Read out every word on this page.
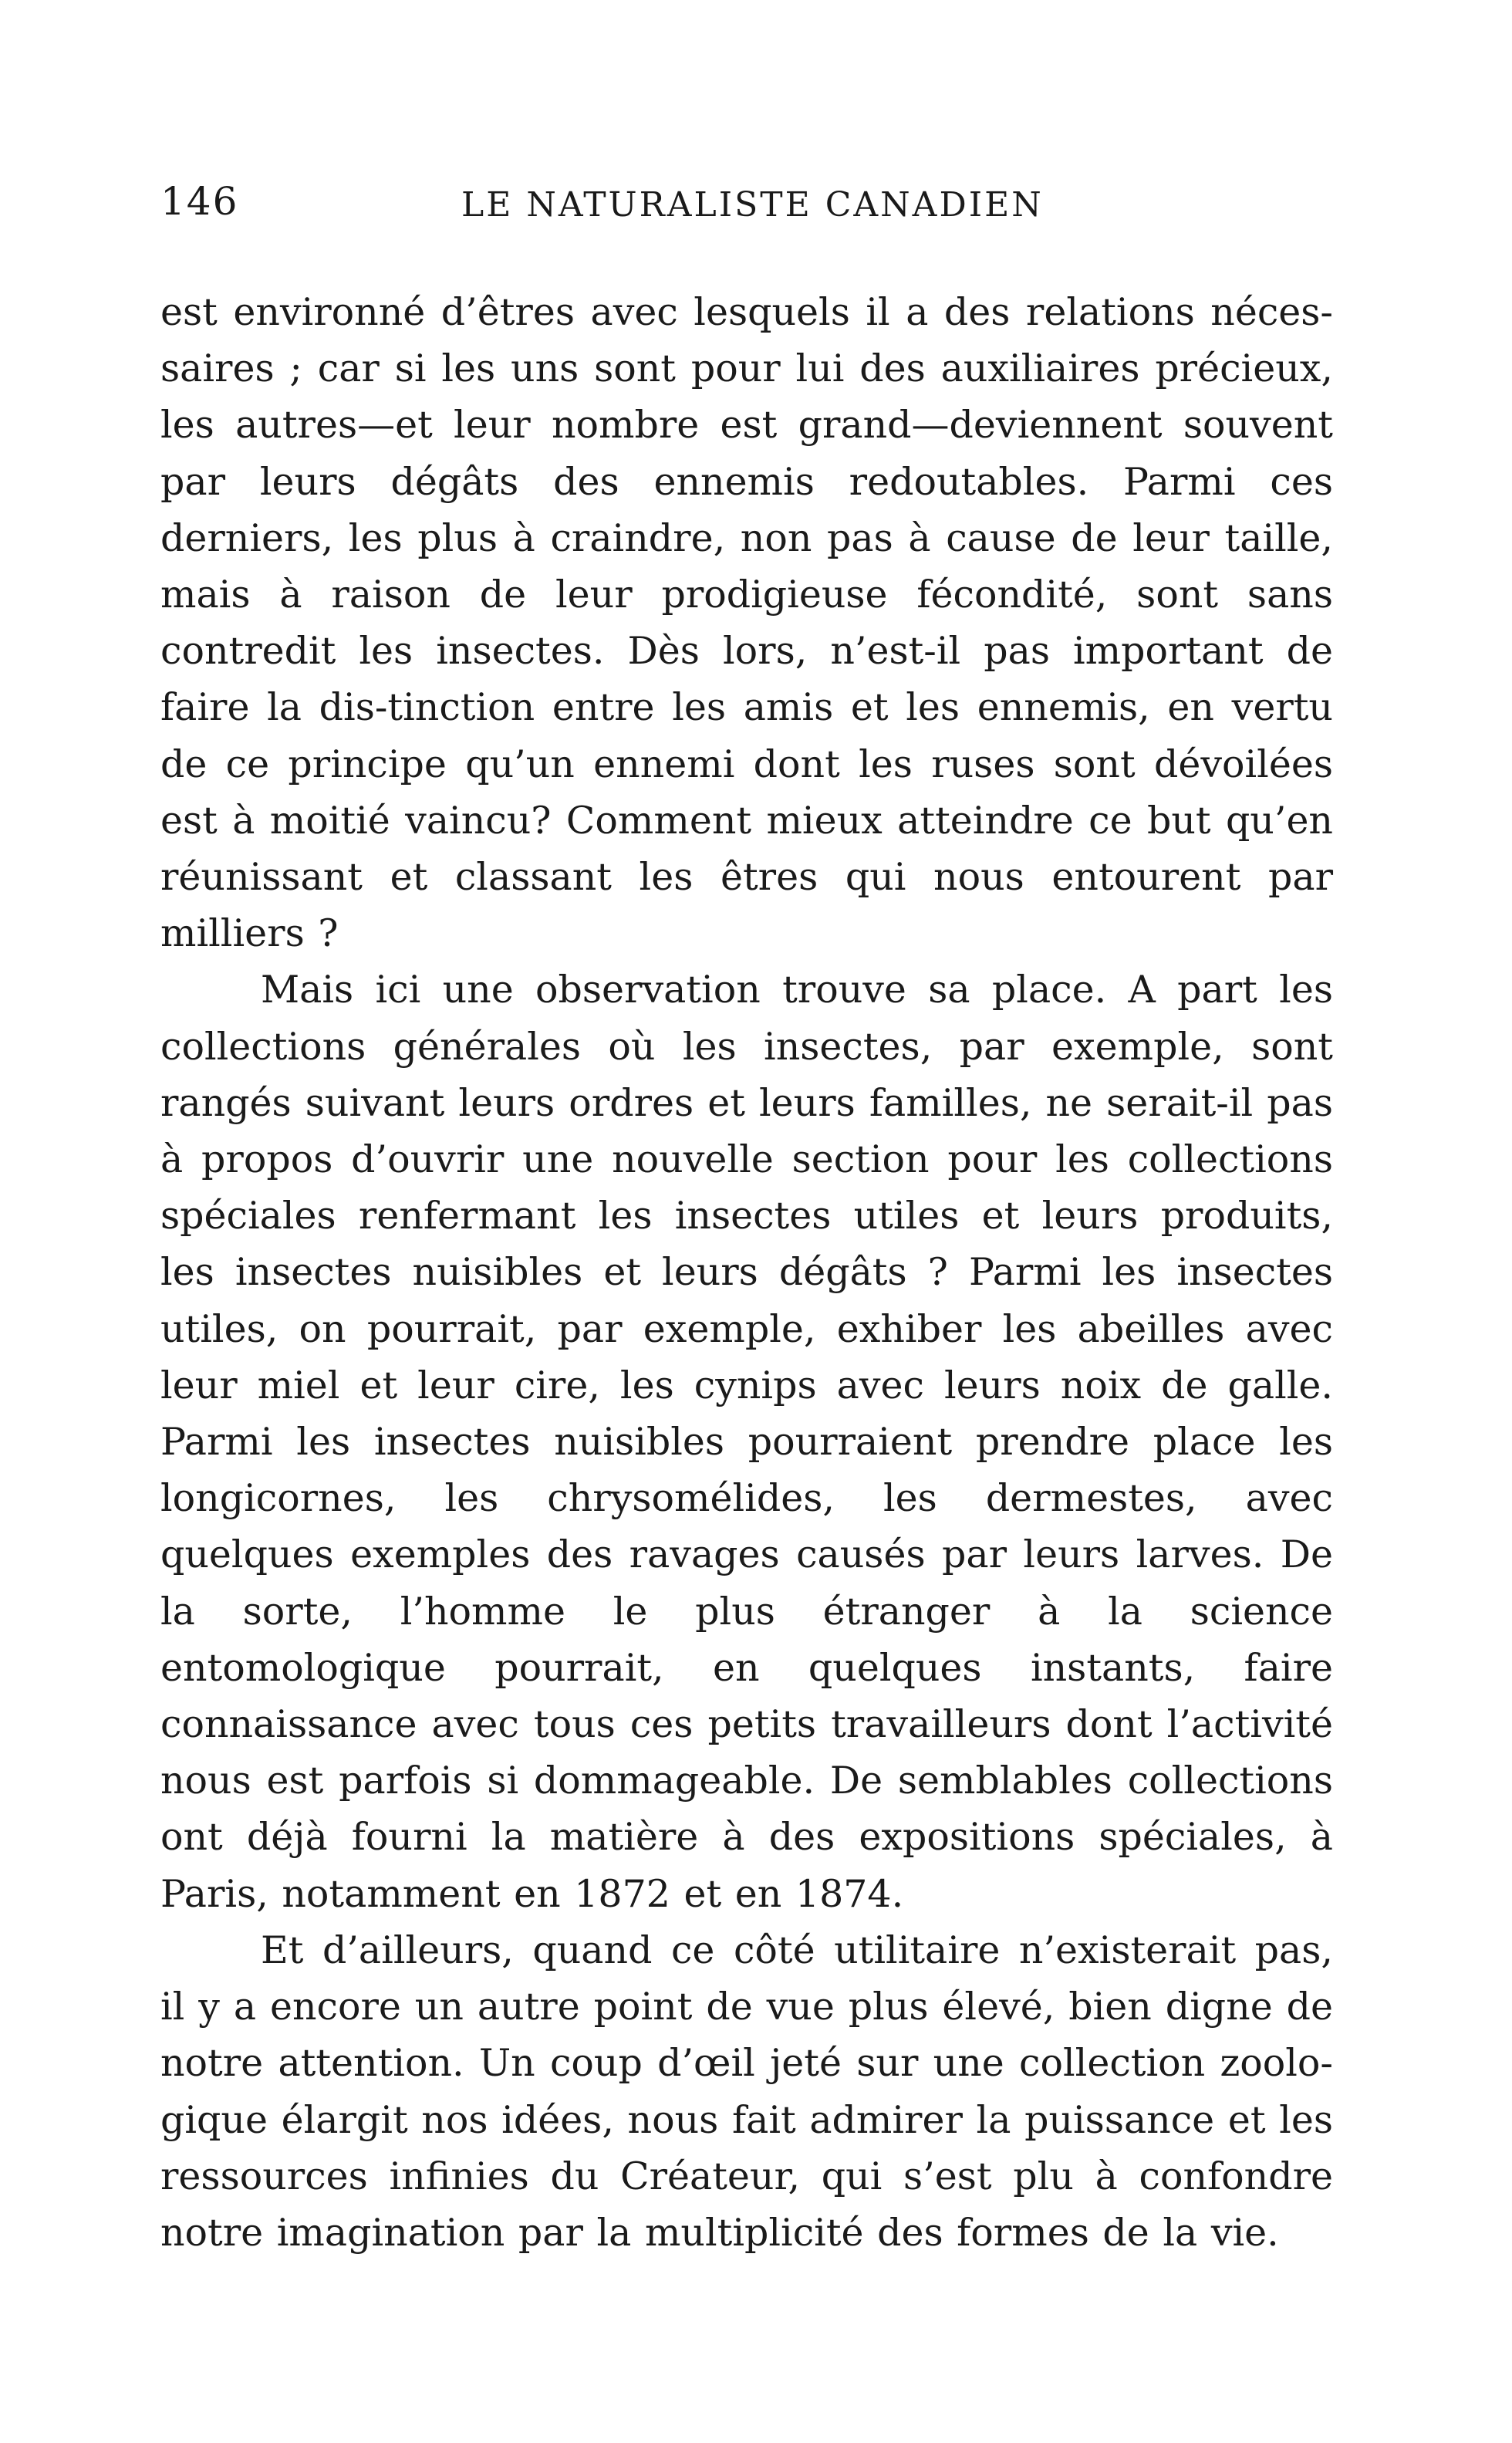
146	LE NATURALISTE CANADIEN

est environné d’êtres avec lesquels il a des relations néces-saires ; car si les uns sont pour lui des auxiliaires précieux, les autres—et leur nombre est grand—deviennent souvent par leurs dégâts des ennemis redoutables. Parmi ces derniers, les plus à craindre, non pas à cause de leur taille, mais à raison de leur prodigieuse fécondité, sont sans contredit les insectes. Dès lors, n’est-il pas important de faire la dis-tinction entre les amis et les ennemis, en vertu de ce principe qu’un ennemi dont les ruses sont dévoilées est à moitié vaincu? Comment mieux atteindre ce but qu’en réunissant et classant les êtres qui nous entourent par milliers ?

Mais ici une observation trouve sa place. A part les collections générales où les insectes, par exemple, sont rangés suivant leurs ordres et leurs familles, ne serait-il pas à propos d’ouvrir une nouvelle section pour les collections spéciales renfermant les insectes utiles et leurs produits, les insectes nuisibles et leurs dégâts ? Parmi les insectes utiles, on pourrait, par exemple, exhiber les abeilles avec leur miel et leur cire, les cynips avec leurs noix de galle. Parmi les insectes nuisibles pourraient prendre place les longicornes, les chrysomélides, les dermestes, avec quelques exemples des ravages causés par leurs larves. De la sorte, l’homme le plus étranger à la science entomologique pourrait, en quelques instants, faire connaissance avec tous ces petits travailleurs dont l’activité nous est parfois si dommageable. De semblables collections ont déjà fourni la matière à des expositions spéciales, à Paris, notamment en 1872 et en 1874.

Et d’ailleurs, quand ce côté utilitaire n’existerait pas, il y a encore un autre point de vue plus élevé, bien digne de notre attention. Un coup d’œil jeté sur une collection zoolo-gique élargit nos idées, nous fait admirer la puissance et les ressources infinies du Créateur, qui s’est plu à confondre notre imagination par la multiplicité des formes de la vie.
